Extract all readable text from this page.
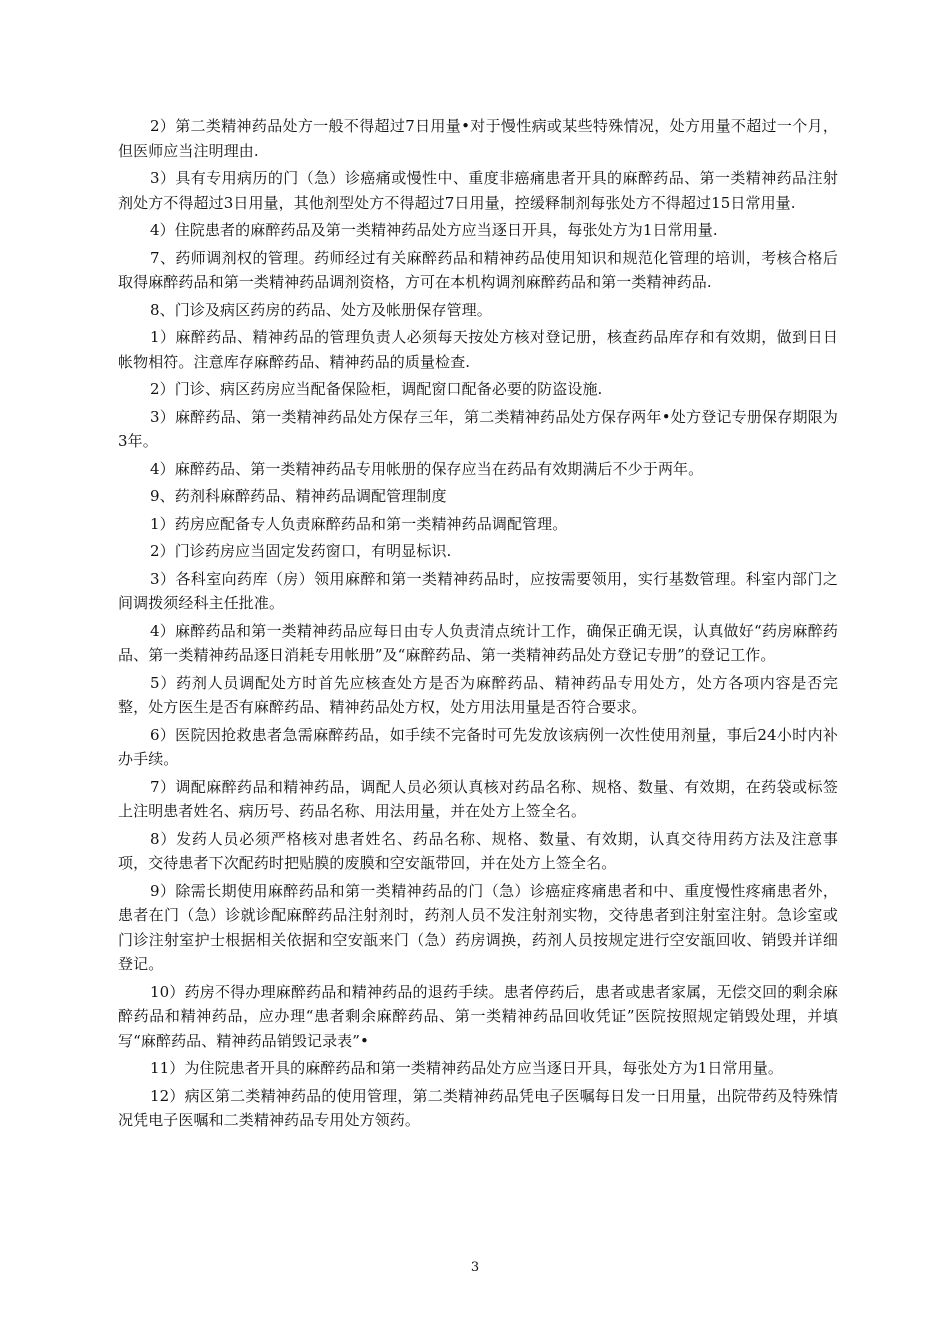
2）第二类精神药品处方一般不得超过7日用量•对于慢性病或某些特殊情况，处方用量不超过一个月，但医师应当注明理由.

3）具有专用病历的门（急）诊癌痛或慢性中、重度非癌痛患者开具的麻醉药品、第一类精神药品注射剂处方不得超过3日用量，其他剂型处方不得超过7日用量，控缓释制剂每张处方不得超过15日常用量.

4）住院患者的麻醉药品及第一类精神药品处方应当逐日开具，每张处方为1日常用量.

7、药师调剂权的管理。药师经过有关麻醉药品和精神药品使用知识和规范化管理的培训，考核合格后取得麻醉药品和第一类精神药品调剂资格，方可在本机构调剂麻醉药品和第一类精神药品.

8、门诊及病区药房的药品、处方及帐册保存管理。

1）麻醉药品、精神药品的管理负责人必须每天按处方核对登记册，核查药品库存和有效期，做到日日帐物相符。注意库存麻醉药品、精神药品的质量检查.

2）门诊、病区药房应当配备保险柜，调配窗口配备必要的防盗设施.

3）麻醉药品、第一类精神药品处方保存三年，第二类精神药品处方保存两年•处方登记专册保存期限为3年。

4）麻醉药品、第一类精神药品专用帐册的保存应当在药品有效期满后不少于两年。

9、药剂科麻醉药品、精神药品调配管理制度

1）药房应配备专人负责麻醉药品和第一类精神药品调配管理。

2）门诊药房应当固定发药窗口，有明显标识.

3）各科室向药库（房）领用麻醉和第一类精神药品时，应按需要领用，实行基数管理。科室内部门之间调拨须经科主任批准。

4）麻醉药品和第一类精神药品应每日由专人负责清点统计工作，确保正确无误，认真做好“药房麻醉药品、第一类精神药品逐日消耗专用帐册”及“麻醉药品、第一类精神药品处方登记专册”的登记工作。

5）药剂人员调配处方时首先应核查处方是否为麻醉药品、精神药品专用处方，处方各项内容是否完整，处方医生是否有麻醉药品、精神药品处方权，处方用法用量是否符合要求。

6）医院因抢救患者急需麻醉药品，如手续不完备时可先发放该病例一次性使用剂量，事后24小时内补办手续。

7）调配麻醉药品和精神药品，调配人员必须认真核对药品名称、规格、数量、有效期，在药袋或标签上注明患者姓名、病历号、药品名称、用法用量，并在处方上签全名。

8）发药人员必须严格核对患者姓名、药品名称、规格、数量、有效期，认真交待用药方法及注意事项，交待患者下次配药时把贴膜的废膜和空安瓿带回，并在处方上签全名。

9）除需长期使用麻醉药品和第一类精神药品的门（急）诊癌症疼痛患者和中、重度慢性疼痛患者外，患者在门（急）诊就诊配麻醉药品注射剂时，药剂人员不发注射剂实物，交待患者到注射室注射。急诊室或门诊注射室护士根据相关依据和空安瓿来门（急）药房调换，药剂人员按规定进行空安瓿回收、销毁并详细登记。

10）药房不得办理麻醉药品和精神药品的退药手续。患者停药后，患者或患者家属，无偿交回的剩余麻醉药品和精神药品，应办理“患者剩余麻醉药品、第一类精神药品回收凭证”医院按照规定销毁处理，并填写“麻醉药品、精神药品销毁记录表”•

11）为住院患者开具的麻醉药品和第一类精神药品处方应当逐日开具，每张处方为1日常用量。

12）病区第二类精神药品的使用管理，第二类精神药品凭电子医嘱每日发一日用量，出院带药及特殊情况凭电子医嘱和二类精神药品专用处方领药。

3
